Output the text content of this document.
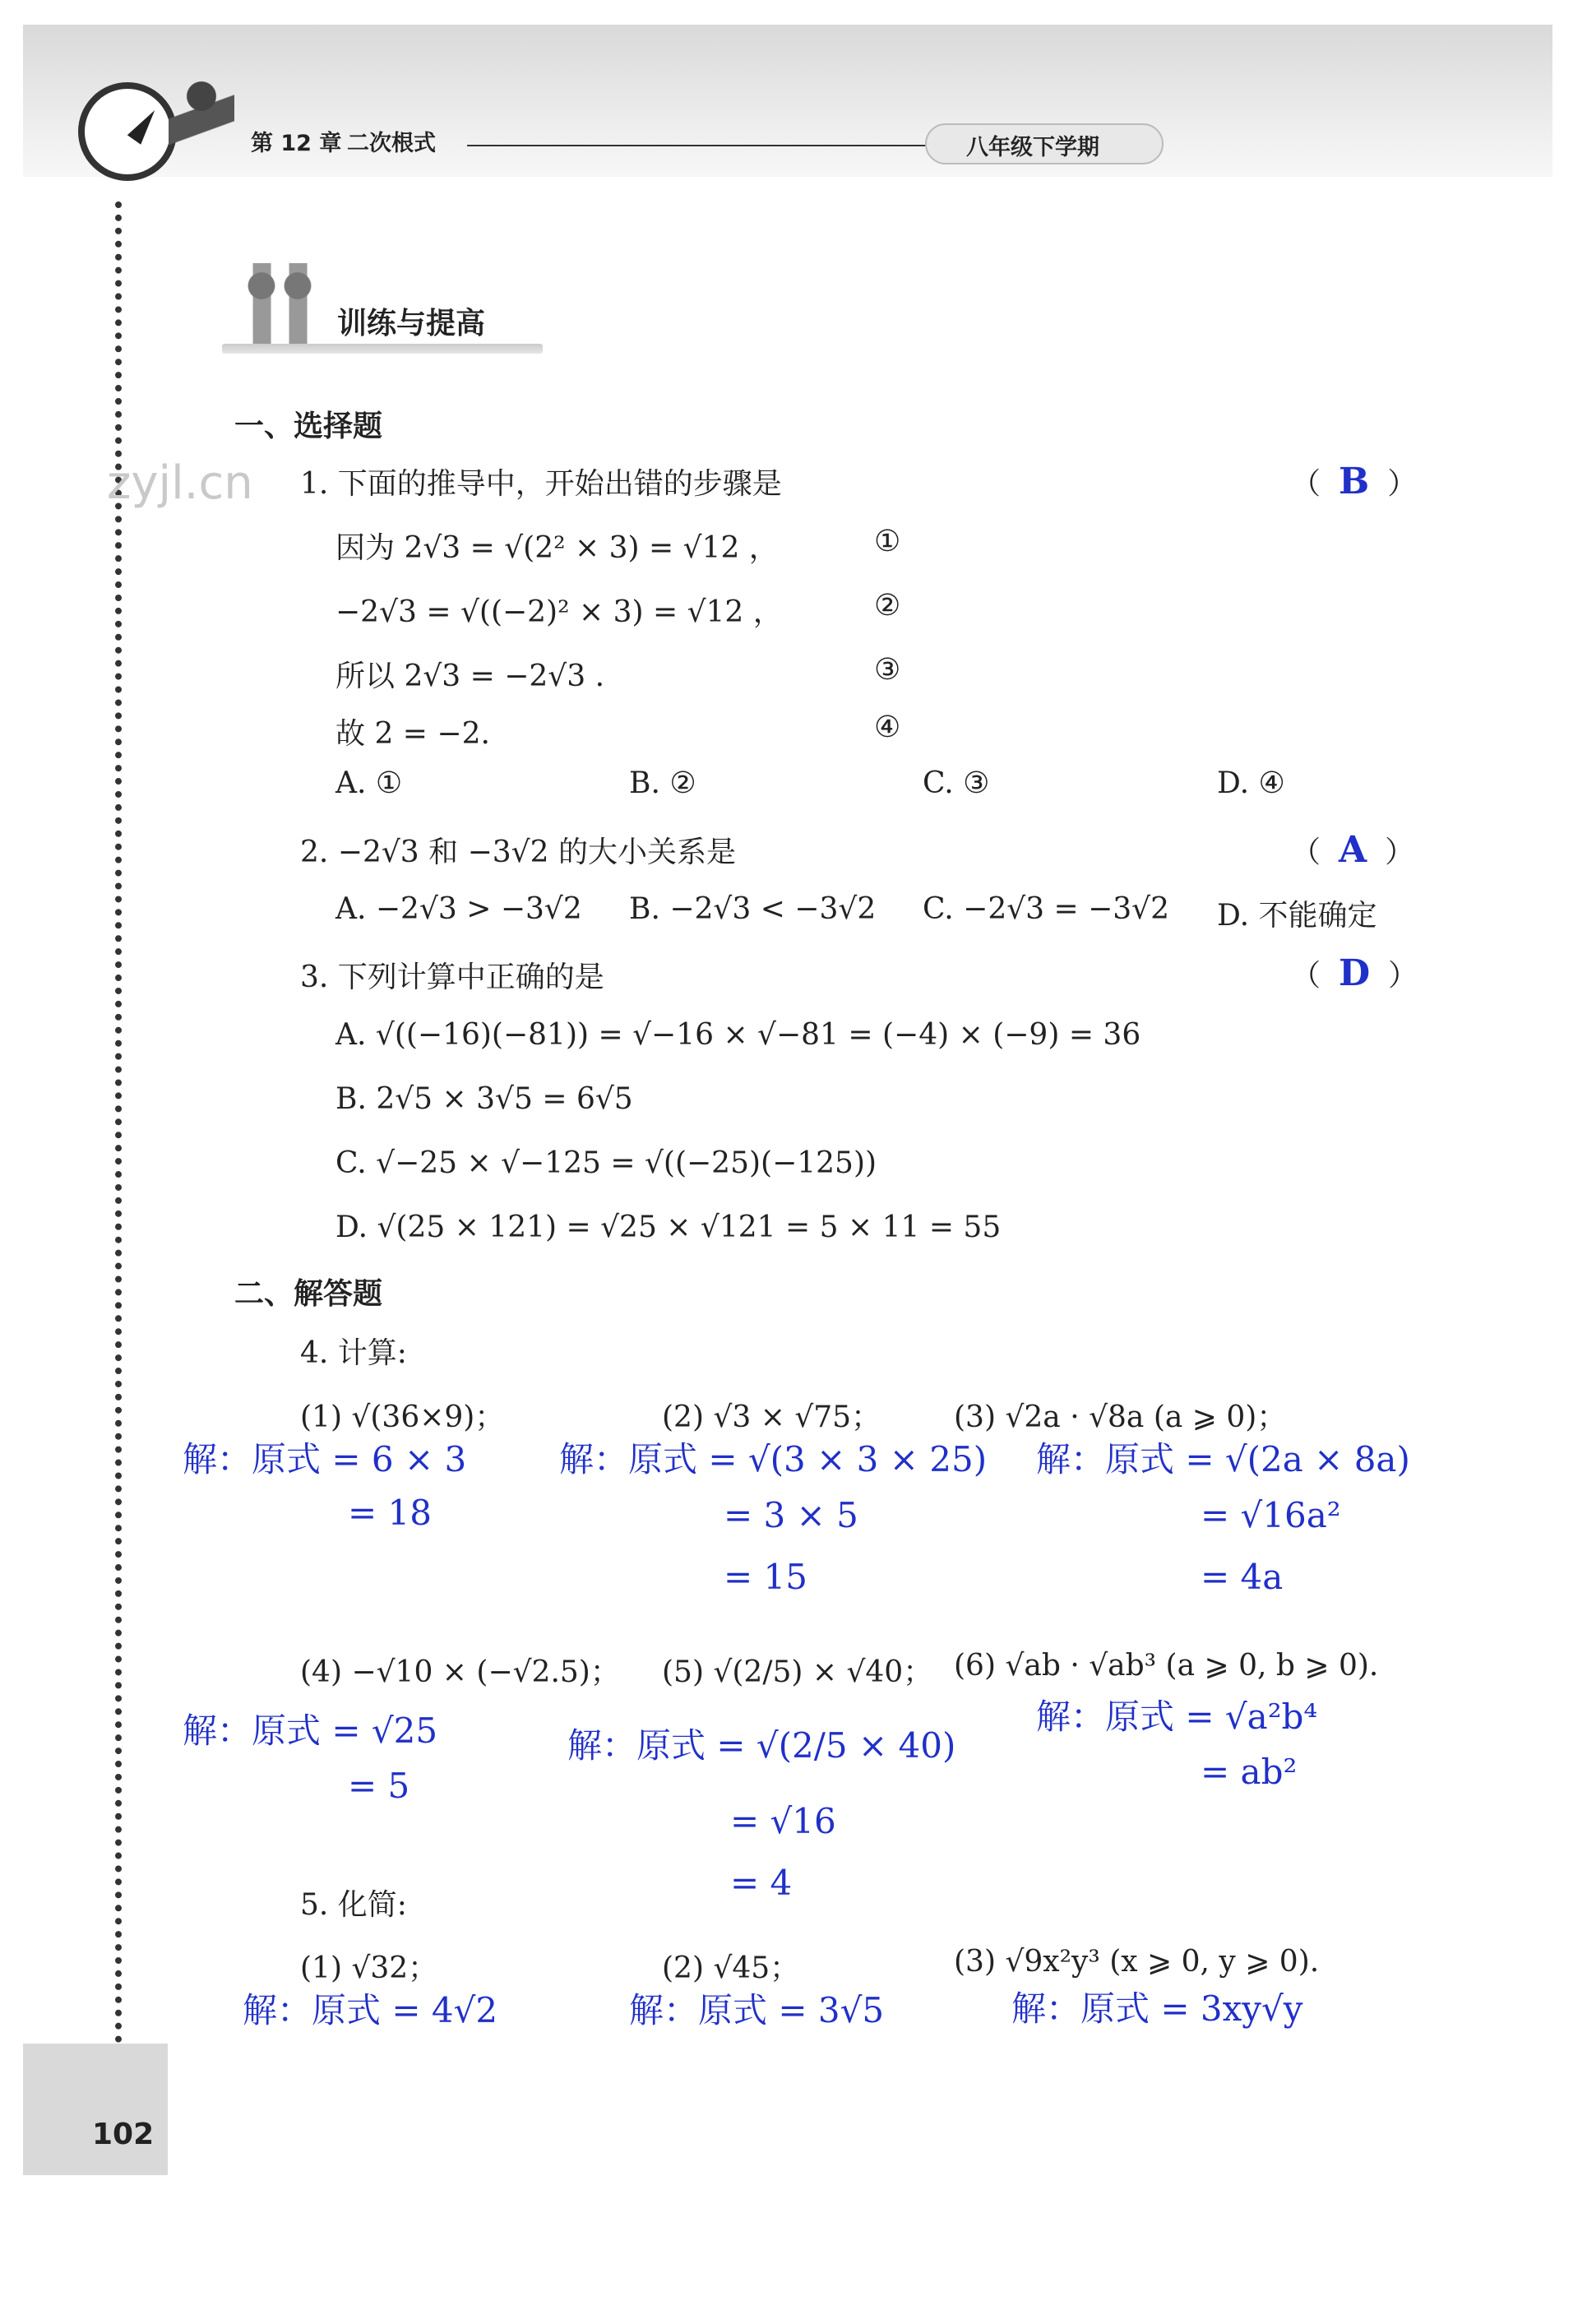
第 12 章 二次根式	八年级下学期
训练与提高
zyjl.cn
一、选择题
1. 下面的推导中，开始出错的步骤是	（ B ）
因为 2√3 = √(2² × 3) = √12 ，	①
−2√3 = √((−2)² × 3) = √12 ，	②
所以 2√3 = −2√3 .	③
故 2 = −2.	④
A. ①	B. ②	C. ③	D. ④
2. −2√3 和 −3√2 的大小关系是	（ A ）
A. −2√3 > −3√2 B. −2√3 < −3√2 C. −2√3 = −3√2 D. 不能确定
3. 下列计算中正确的是	（ D ）
A. √((−16)(−81)) = √−16 × √−81 = (−4) × (−9) = 36
B. 2√5 × 3√5 = 6√5
C. √−25 × √−125 = √((−25)(−125))
D. √(25 × 121) = √25 × √121 = 5 × 11 = 55
二、解答题
4. 计算:
(1) √(36×9)；
解：原式 = 6 × 3
= 18
(2) √3 × √75；
解：原式 = √(3 × 3 × 25)
= 3 × 5
= 15
(3) √2a · √8a (a ⩾ 0)；
解：原式 = √(2a × 8a)
= √16a²
= 4a
(4) −√10 × (−√2.5)；
解：原式 = √25
= 5
(5) √(2/5) × √40；
解：原式 = √(2/5 × 40)
= √16
= 4
(6) √ab · √ab³ (a ⩾ 0, b ⩾ 0).
解：原式 = √a²b⁴
= ab²
5. 化简:
(1) √32；
解：原式 = 4√2
(2) √45；
解：原式 = 3√5
(3) √9x²y³ (x ⩾ 0, y ⩾ 0).
解：原式 = 3xy√y
102
